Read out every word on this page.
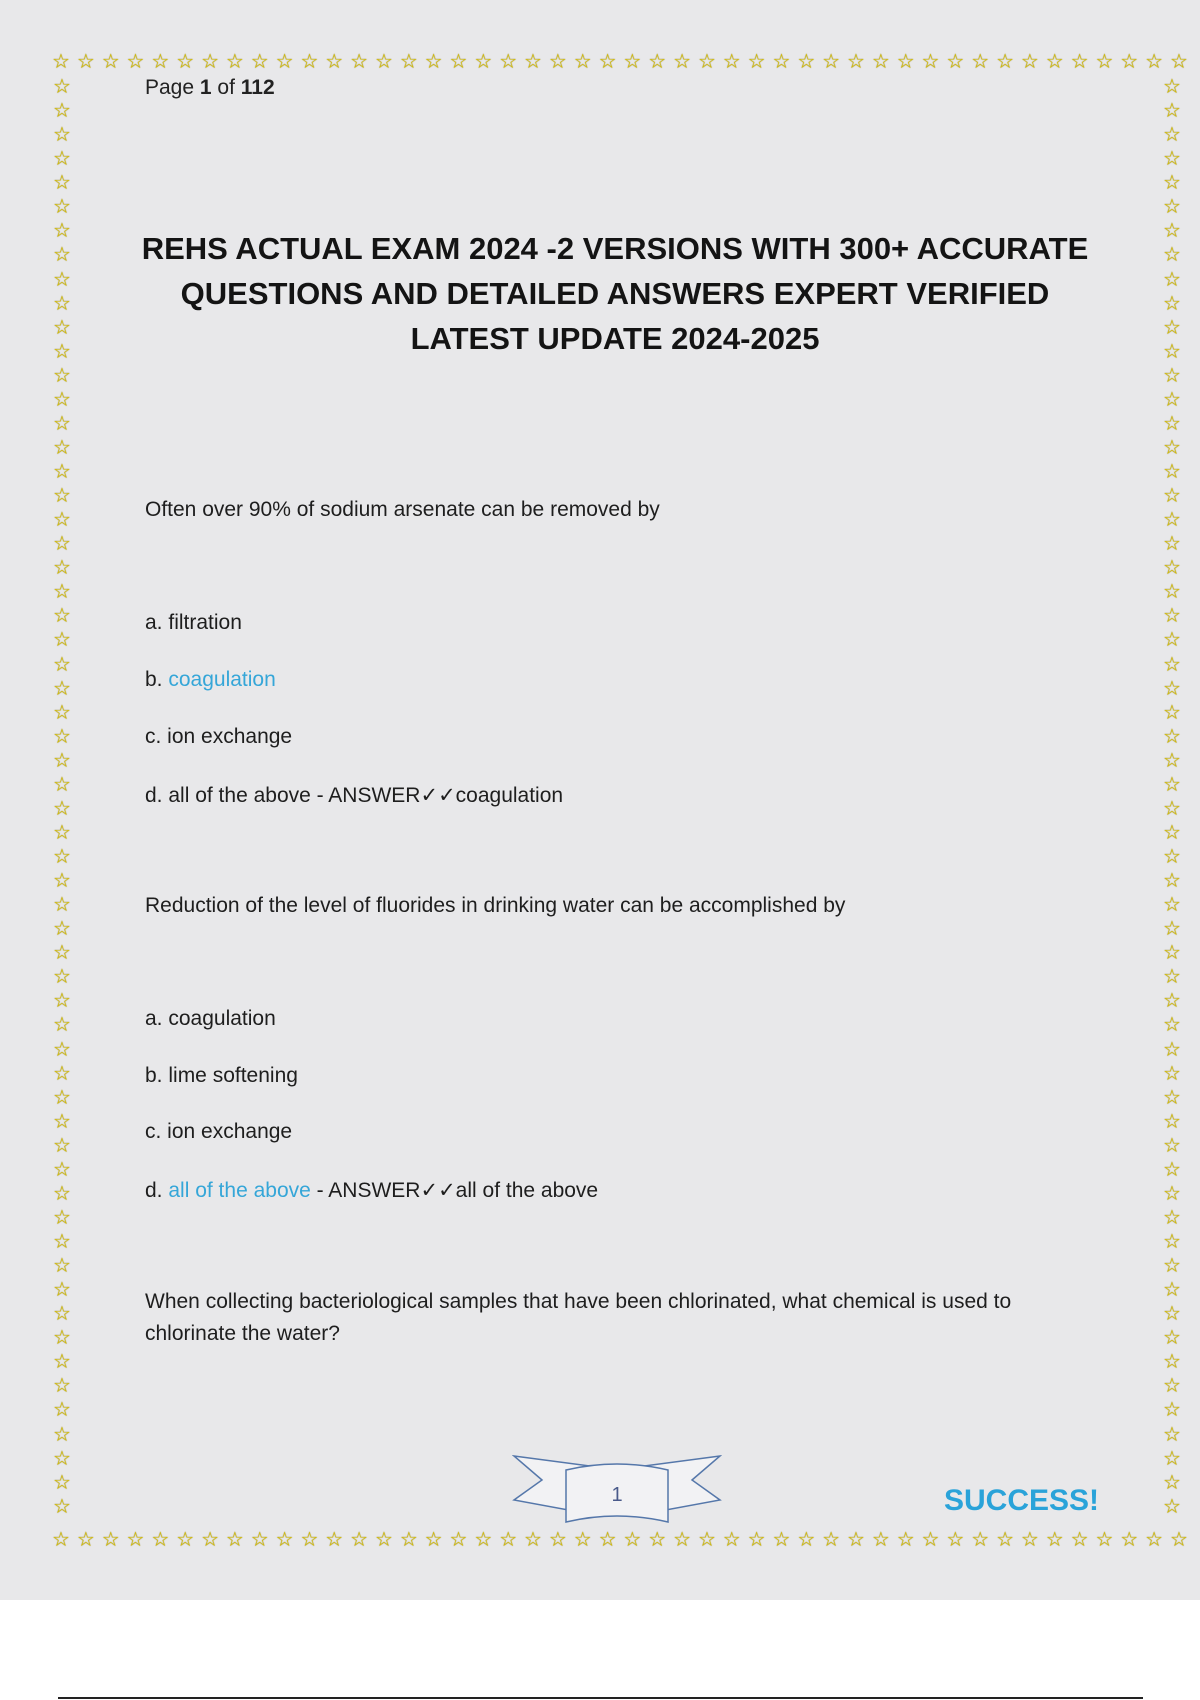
☆ ☆ ☆ ☆ ☆ ☆ ☆ ☆ ☆ ☆ ☆ ☆ ☆ ☆ ☆ ☆ ☆ ☆ ☆ ☆ ☆ ☆ ☆ ☆ ☆ ☆ ☆ ☆ ☆ ☆ ☆ ☆ ☆ ☆ ☆ ☆ ☆ ☆ ☆ ☆ ☆ ☆ ☆ ☆ ☆ ☆
☆ ☆ ☆ ☆ ☆ ☆ ☆ ☆ ☆ ☆ ☆ ☆ ☆ ☆ ☆ ☆ ☆ ☆ ☆ ☆ ☆ ☆ ☆ ☆ ☆ ☆ ☆ ☆ ☆ ☆ ☆ ☆ ☆ ☆ ☆ ☆ ☆ ☆ ☆ ☆ ☆ ☆ ☆ ☆ ☆ ☆
☆
☆
☆
☆
☆
☆
☆
☆
☆
☆
☆
☆
☆
☆
☆
☆
☆
☆
☆
☆
☆
☆
☆
☆
☆
☆
☆
☆
☆
☆
☆
☆
☆
☆
☆
☆
☆
☆
☆
☆
☆
☆
☆
☆
☆
☆
☆
☆
☆
☆
☆
☆
☆
☆
☆
☆
☆
☆
☆
☆
☆
☆
☆
☆
☆
☆
☆
☆
☆
☆
☆
☆
☆
☆
☆
☆
☆
☆
☆
☆
☆
☆
☆
☆
☆
☆
☆
☆
☆
☆
☆
☆
☆
☆
☆
☆
☆
☆
☆
☆
☆
☆
☆
☆
☆
☆
☆
☆
☆
☆
☆
☆
☆
☆
☆
☆
☆
☆
☆
☆
Page 1 of 112
REHS ACTUAL EXAM 2024 -2 VERSIONS WITH 300+ ACCURATE QUESTIONS AND DETAILED ANSWERS EXPERT VERIFIED LATEST UPDATE 2024-2025
Often over 90% of sodium arsenate can be removed by
a. filtration
b. coagulation
c. ion exchange
d. all of the above - ANSWER✓✓coagulation
Reduction of the level of fluorides in drinking water can be accomplished by
a. coagulation
b. lime softening
c. ion exchange
d. all of the above - ANSWER✓✓all of the above
When collecting bacteriological samples that have been chlorinated, what chemical is used to chlorinate the water?
1	SUCCESS!
